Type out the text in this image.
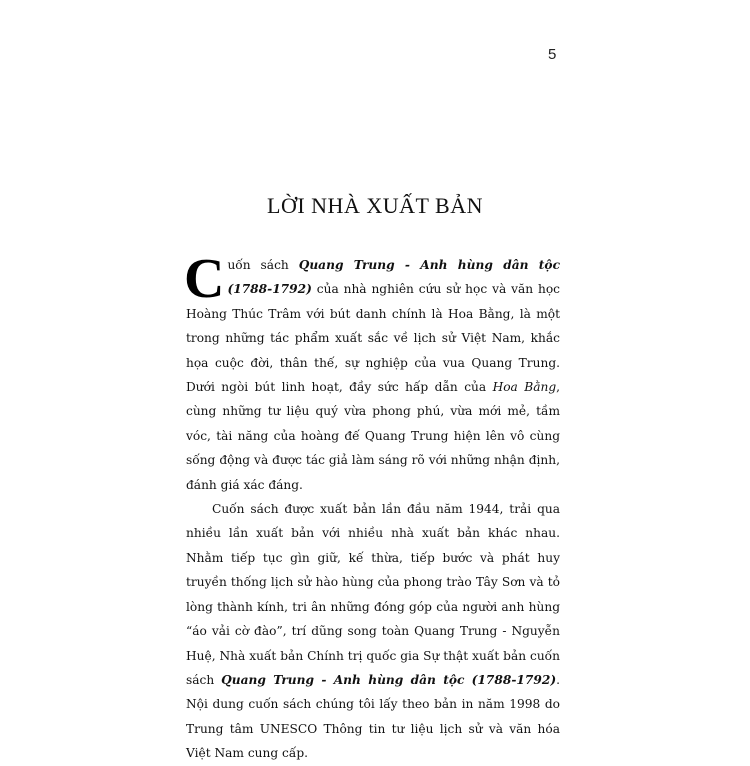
5
LỜI NHÀ XUẤT BẢN

Cuốn sách Quang Trung - Anh hùng dân tộc (1788-1792) của nhà nghiên cứu sử học và văn học Hoàng Thúc Trâm với bút danh chính là Hoa Bằng, là một trong những tác phẩm xuất sắc về lịch sử Việt Nam, khắc họa cuộc đời, thân thế, sự nghiệp của vua Quang Trung. Dưới ngòi bút linh hoạt, đầy sức hấp dẫn của Hoa Bằng, cùng những tư liệu quý vừa phong phú, vừa mới mẻ, tầm vóc, tài năng của hoàng đế Quang Trung hiện lên vô cùng sống động và được tác giả làm sáng rõ với những nhận định, đánh giá xác đáng.

Cuốn sách được xuất bản lần đầu năm 1944, trải qua nhiều lần xuất bản với nhiều nhà xuất bản khác nhau. Nhằm tiếp tục gìn giữ, kế thừa, tiếp bước và phát huy truyền thống lịch sử hào hùng của phong trào Tây Sơn và tỏ lòng thành kính, tri ân những đóng góp của người anh hùng “áo vải cờ đào”, trí dũng song toàn Quang Trung - Nguyễn Huệ, Nhà xuất bản Chính trị quốc gia Sự thật xuất bản cuốn sách Quang Trung - Anh hùng dân tộc (1788-1792). Nội dung cuốn sách chúng tôi lấy theo bản in năm 1998 do Trung tâm UNESCO Thông tin tư liệu lịch sử và văn hóa Việt Nam cung cấp.
